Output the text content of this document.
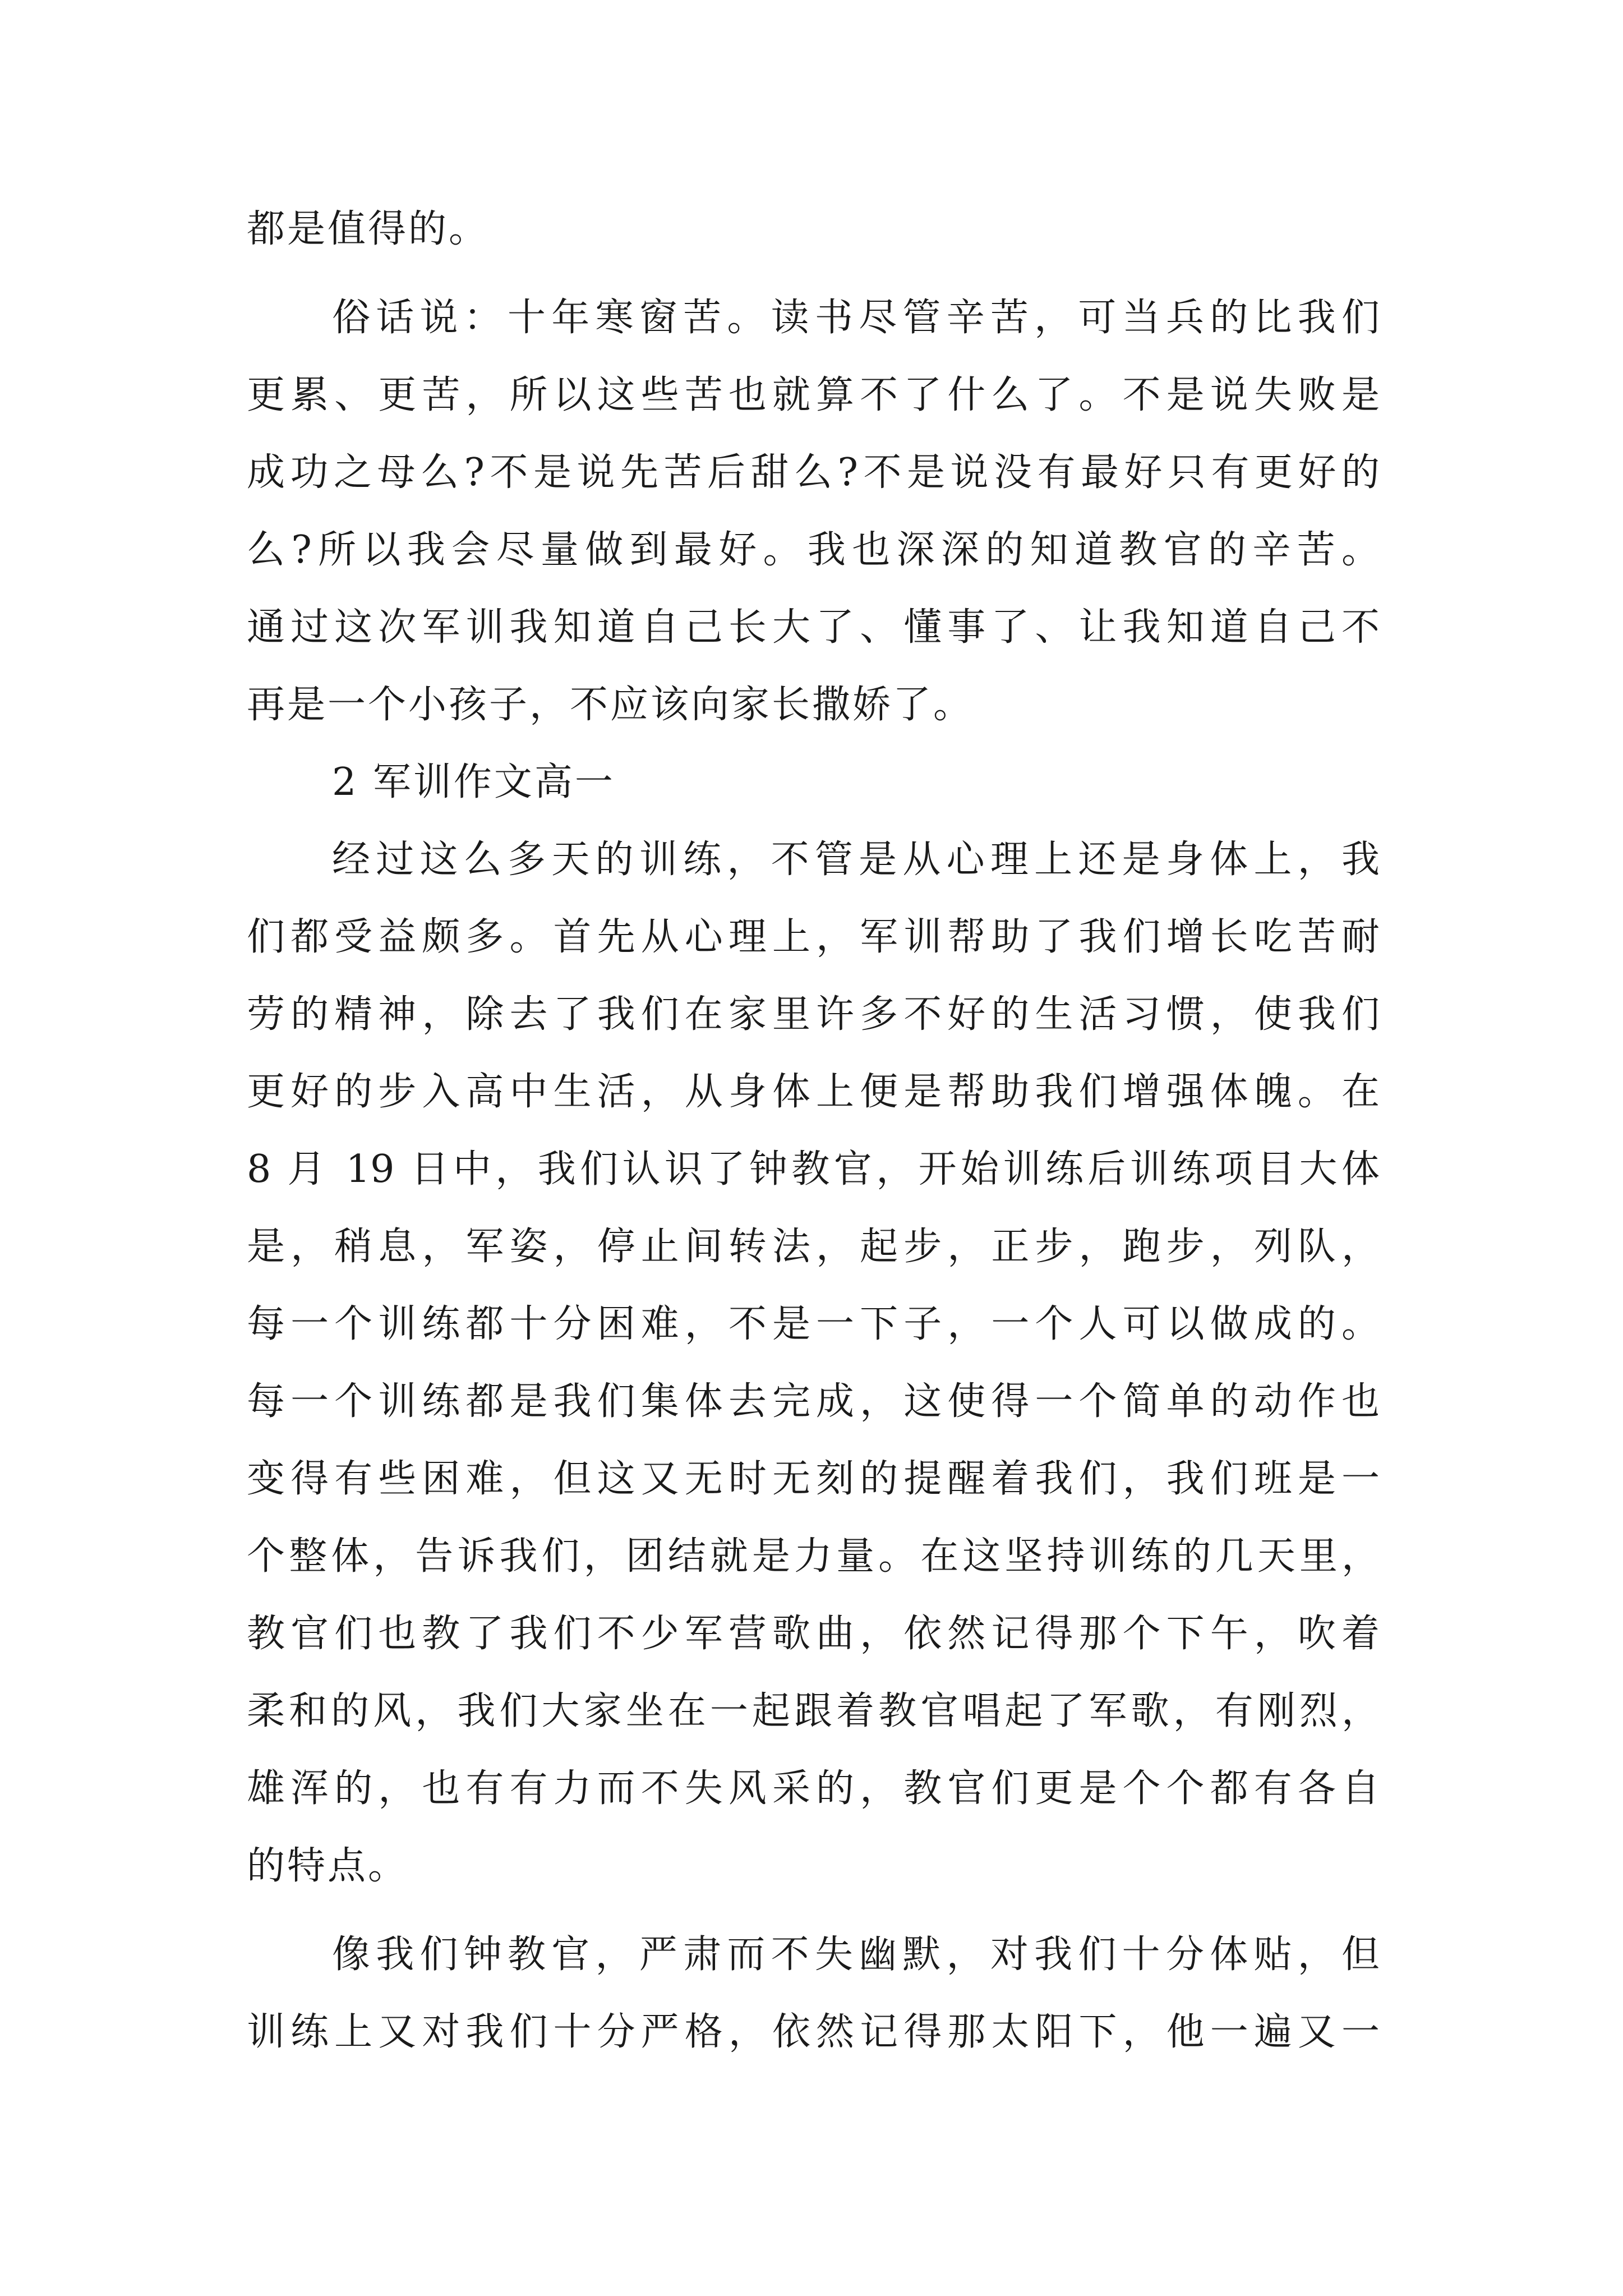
都是值得的。
俗话说：十年寒窗苦。读书尽管辛苦，可当兵的比我们
更累、更苦，所以这些苦也就算不了什么了。不是说失败是
成功之母么?不是说先苦后甜么?不是说没有最好只有更好的
么?所以我会尽量做到最好。我也深深的知道教官的辛苦。
通过这次军训我知道自己长大了、懂事了、让我知道自己不
再是一个小孩子，不应该向家长撒娇了。
2 军训作文高一
经过这么多天的训练，不管是从心理上还是身体上，我
们都受益颇多。首先从心理上，军训帮助了我们增长吃苦耐
劳的精神，除去了我们在家里许多不好的生活习惯，使我们
更好的步入高中生活，从身体上便是帮助我们增强体魄。在
8 月 19 日中，我们认识了钟教官，开始训练后训练项目大体
是，稍息，军姿，停止间转法，起步，正步，跑步，列队，
每一个训练都十分困难，不是一下子，一个人可以做成的。
每一个训练都是我们集体去完成，这使得一个简单的动作也
变得有些困难，但这又无时无刻的提醒着我们，我们班是一
个整体，告诉我们，团结就是力量。在这坚持训练的几天里，
教官们也教了我们不少军营歌曲，依然记得那个下午，吹着
柔和的风，我们大家坐在一起跟着教官唱起了军歌，有刚烈，
雄浑的，也有有力而不失风采的，教官们更是个个都有各自
的特点。
像我们钟教官，严肃而不失幽默，对我们十分体贴，但
训练上又对我们十分严格，依然记得那太阳下，他一遍又一
